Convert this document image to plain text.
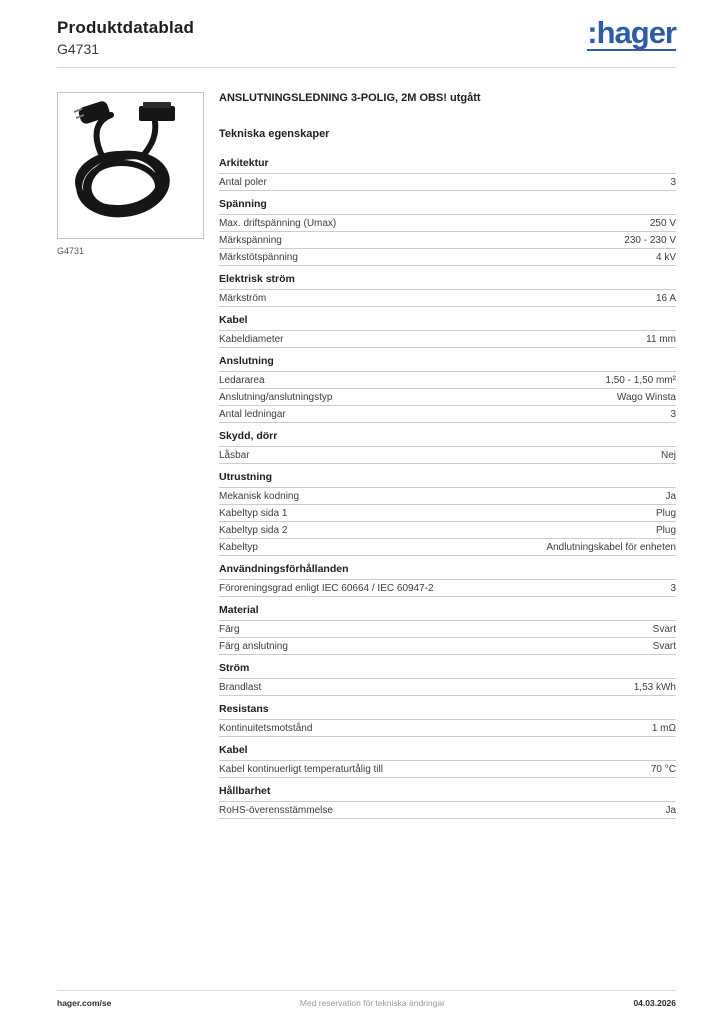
Produktdatablad
G4731	:hager
G4731
ANSLUTNINGSLEDNING 3-POLIG, 2M OBS! utgått
Tekniska egenskaper
Arkitektur
Antal poler	3
Spänning
Max. driftspänning (Umax)	250 V
Märkspänning	230 - 230 V
Märkstötspänning	4 kV
Elektrisk ström
Märkström	16 A
Kabel
Kabeldiameter	11 mm
Anslutning
Ledararea	1,50 - 1,50 mm²
Anslutning/anslutningstyp	Wago Winsta
Antal ledningar	3
Skydd, dörr
Låsbar	Nej
Utrustning
Mekanisk kodning	Ja
Kabeltyp sida 1	Plug
Kabeltyp sida 2	Plug
Kabeltyp	Andlutningskabel för enheten
Användningsförhållanden
Föroreningsgrad enligt IEC 60664 / IEC 60947-2	3
Material
Färg	Svart
Färg anslutning	Svart
Ström
Brandlast	1,53 kWh
Resistans
Kontinuitetsmotstånd	1 mΩ
Kabel
Kabel kontinuerligt temperaturtålig till	70 °C
Hållbarhet
RoHS-överensstämmelse	Ja
hager.com/se	Med reservation för tekniska ändringar	04.03.2026
